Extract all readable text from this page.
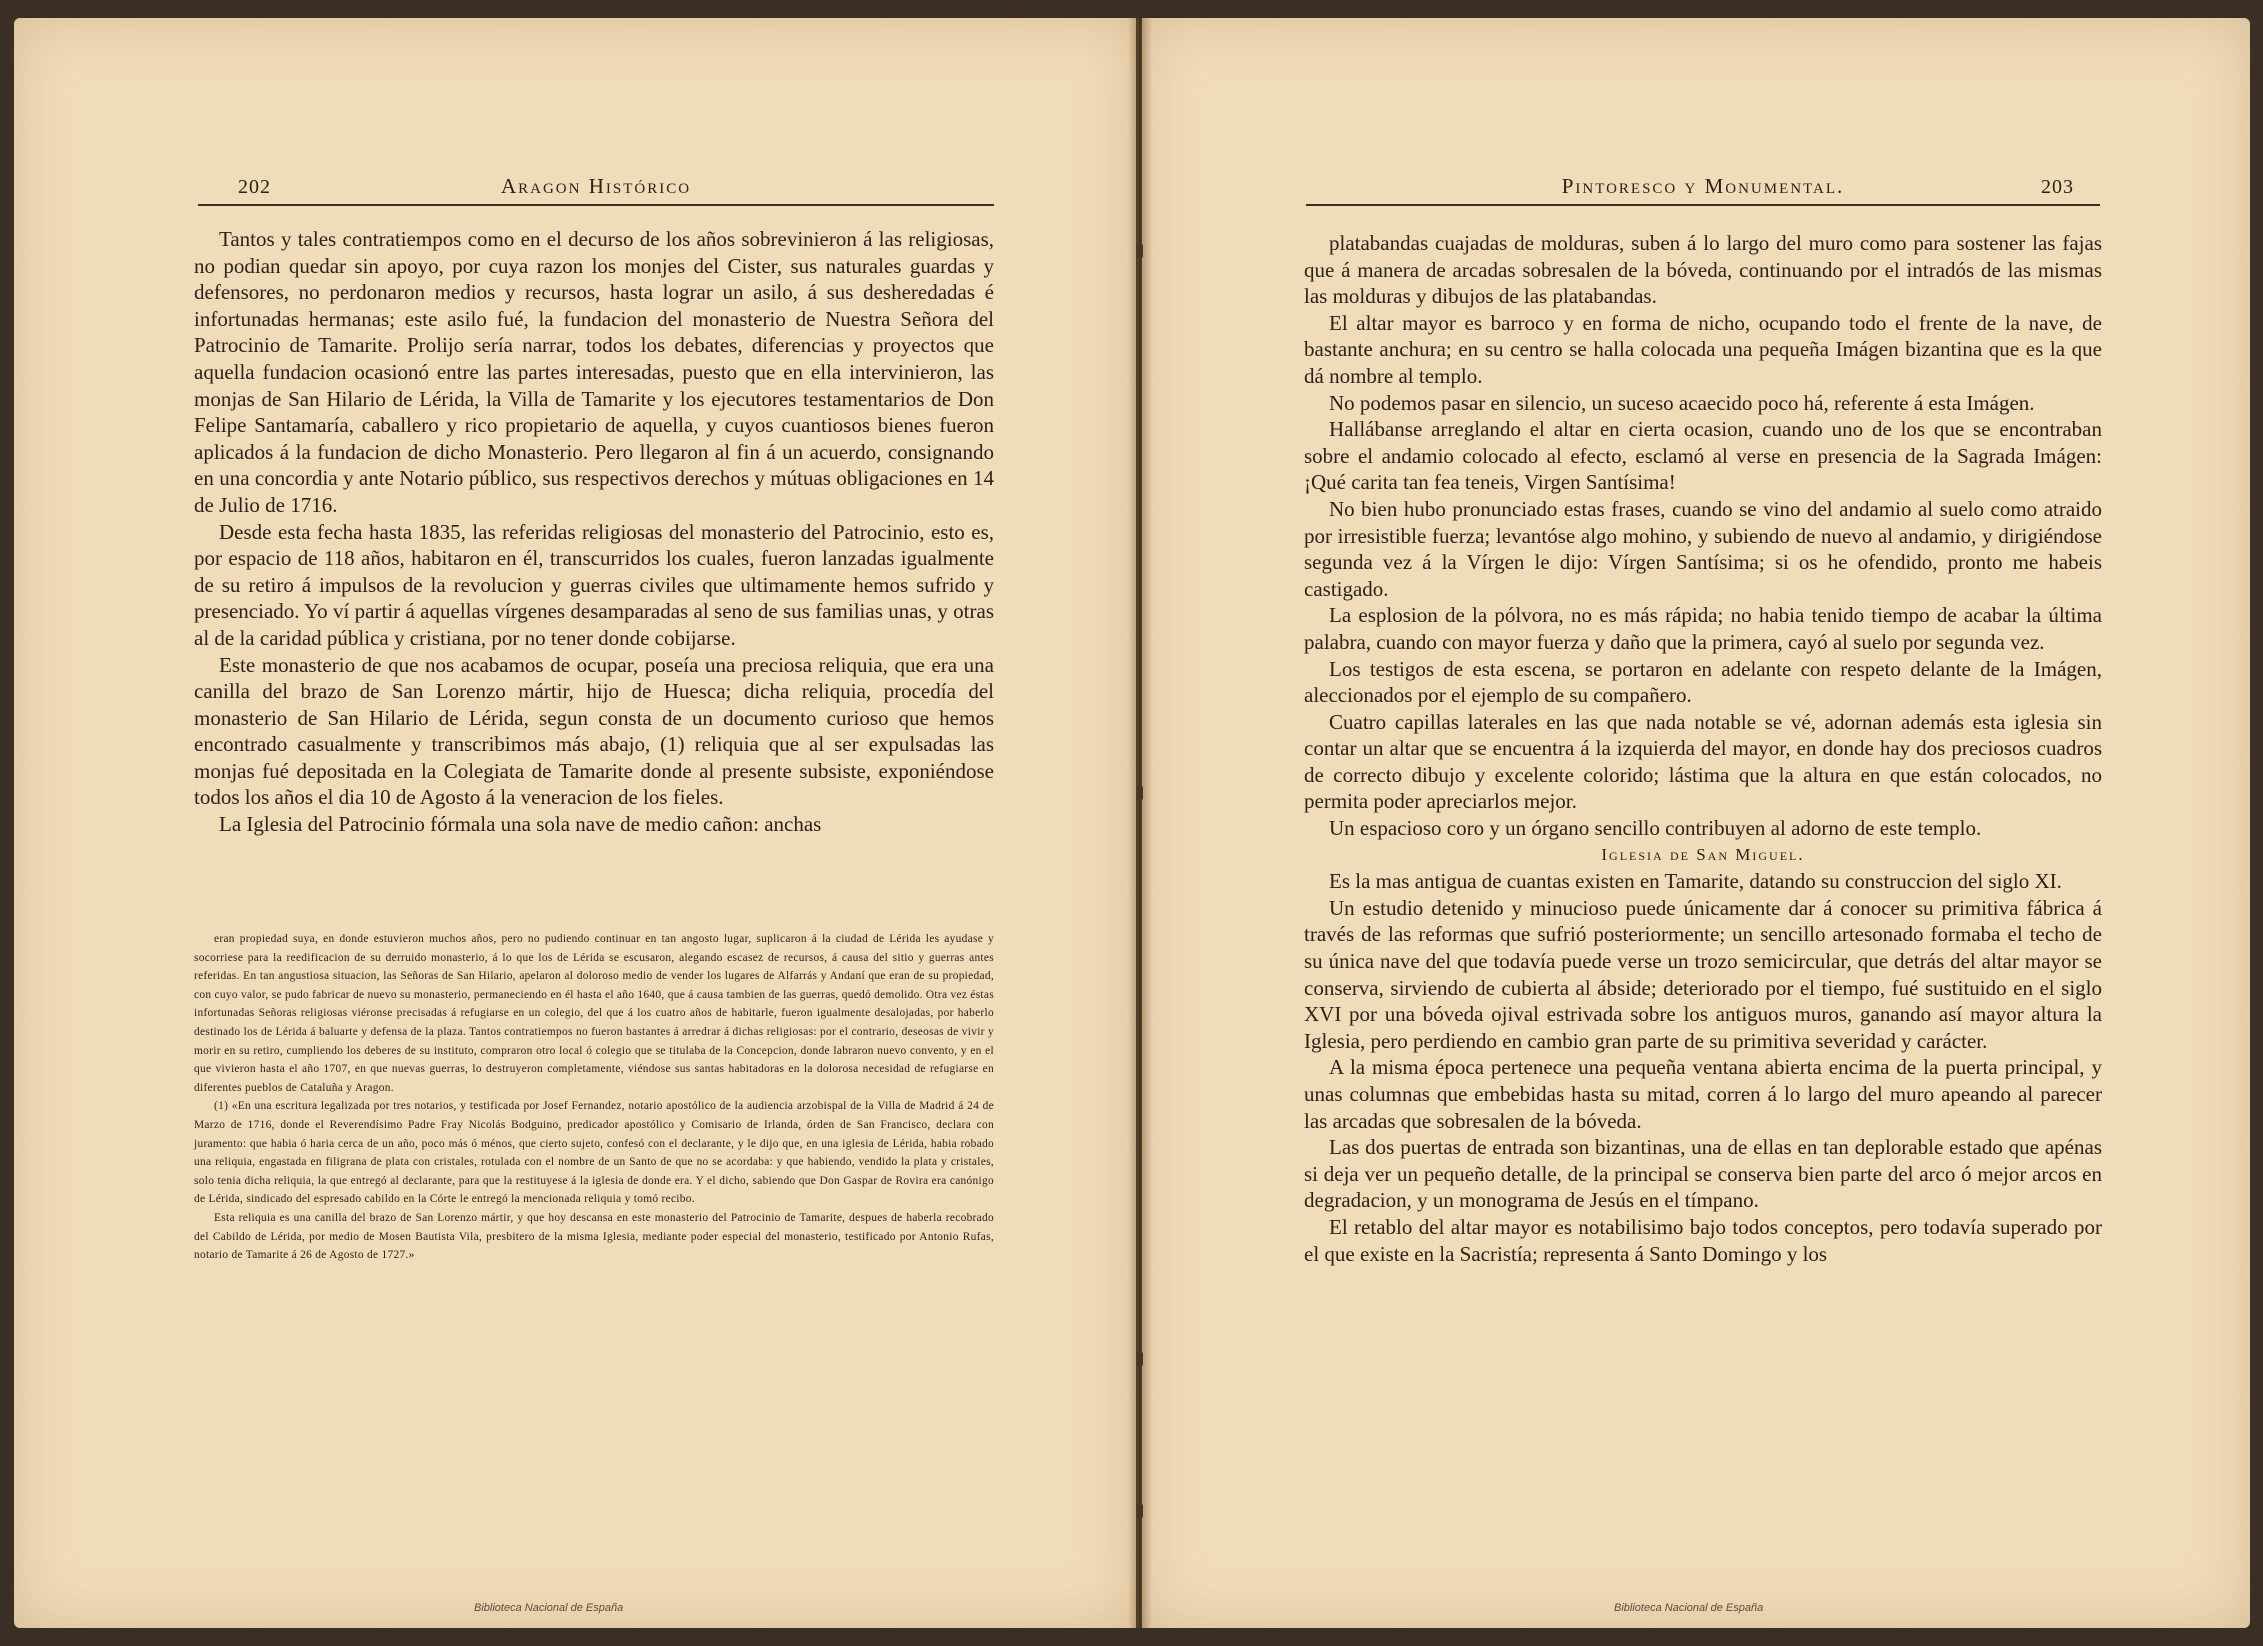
202	Aragon Histórico

Tantos y tales contratiempos como en el decurso de los años sobrevinieron á las religiosas, no podian quedar sin apoyo, por cuya razon los monjes del Cister, sus naturales guardas y defensores, no perdonaron medios y recursos, hasta lograr un asilo, á sus desheredadas é infortunadas hermanas; este asilo fué, la fundacion del monasterio de Nuestra Señora del Patrocinio de Tamarite. Prolijo sería narrar, todos los debates, diferencias y proyectos que aquella fundacion ocasionó entre las partes interesadas, puesto que en ella intervinieron, las monjas de San Hilario de Lérida, la Villa de Tamarite y los ejecutores testamentarios de Don Felipe Santamaría, caballero y rico propietario de aquella, y cuyos cuantiosos bienes fueron aplicados á la fundacion de dicho Monasterio. Pero llegaron al fin á un acuerdo, consignando en una concordia y ante Notario público, sus respectivos derechos y mútuas obligaciones en 14 de Julio de 1716.

Desde esta fecha hasta 1835, las referidas religiosas del monasterio del Patrocinio, esto es, por espacio de 118 años, habitaron en él, transcurridos los cuales, fueron lanzadas igualmente de su retiro á impulsos de la revolucion y guerras civiles que ultimamente hemos sufrido y presenciado. Yo ví partir á aquellas vírgenes desamparadas al seno de sus familias unas, y otras al de la caridad pública y cristiana, por no tener donde cobijarse.

Este monasterio de que nos acabamos de ocupar, poseía una preciosa reliquia, que era una canilla del brazo de San Lorenzo mártir, hijo de Huesca; dicha reliquia, procedía del monasterio de San Hilario de Lérida, segun consta de un documento curioso que hemos encontrado casualmente y transcribimos más abajo, (1) reliquia que al ser expulsadas las monjas fué depositada en la Colegiata de Tamarite donde al presente subsiste, exponiéndose todos los años el dia 10 de Agosto á la veneracion de los fieles.

La Iglesia del Patrocinio fórmala una sola nave de medio cañon: anchas

eran propiedad suya, en donde estuvieron muchos años, pero no pudiendo continuar en tan angosto lugar, suplicaron á la ciudad de Lérida les ayudase y socorriese para la reedificacion de su derruido monasterio, á lo que los de Lérida se escusaron, alegando escasez de recursos, á causa del sitio y guerras antes referidas. En tan angustiosa situacion, las Señoras de San Hilario, apelaron al doloroso medio de vender los lugares de Alfarrás y Andaní que eran de su propiedad, con cuyo valor, se pudo fabricar de nuevo su monasterio, permaneciendo en él hasta el año 1640, que á causa tambien de las guerras, quedó demolido. Otra vez éstas infortunadas Señoras religiosas viéronse precisadas á refugiarse en un colegio, del que á los cuatro años de habitarle, fueron igualmente desalojadas, por haberlo destinado los de Lérida á baluarte y defensa de la plaza. Tantos contratiempos no fueron bastantes á arredrar á dichas religiosas: por el contrario, deseosas de vivir y morir en su retiro, cumpliendo los deberes de su instituto, compraron otro local ó colegio que se titulaba de la Concepcion, donde labraron nuevo convento, y en el que vivieron hasta el año 1707, en que nuevas guerras, lo destruyeron completamente, viéndose sus santas habitadoras en la dolorosa necesidad de refugiarse en diferentes pueblos de Cataluña y Aragon.

(1) «En una escritura legalizada por tres notarios, y testificada por Josef Fernandez, notario apostólico de la audiencia arzobispal de la Villa de Madrid á 24 de Marzo de 1716, donde el Reverendísimo Padre Fray Nicolás Bodguino, predicador apostólico y Comisario de Irlanda, órden de San Francisco, declara con juramento: que habia ó haria cerca de un año, poco más ó ménos, que cierto sujeto, confesó con el declarante, y le dijo que, en una iglesia de Lérida, habia robado una reliquia, engastada en filigrana de plata con cristales, rotulada con el nombre de un Santo de que no se acordaba: y que habiendo, vendido la plata y cristales, solo tenia dicha reliquia, la que entregó al declarante, para que la restituyese á la iglesia de donde era. Y el dicho, sabiendo que Don Gaspar de Rovira era canónigo de Lérida, sindicado del espresado cabildo en la Córte le entregó la mencionada reliquia y tomó recibo.

Esta reliquia es una canilla del brazo de San Lorenzo mártir, y que hoy descansa en este monasterio del Patrocinio de Tamarite, despues de haberla recobrado del Cabildo de Lérida, por medio de Mosen Bautista Vila, presbitero de la misma Iglesia, mediante poder especial del monasterio, testificado por Antonio Rufas, notario de Tamarite á 26 de Agosto de 1727.»

Biblioteca Nacional de España
Pintoresco y Monumental.	203

platabandas cuajadas de molduras, suben á lo largo del muro como para sostener las fajas que á manera de arcadas sobresalen de la bóveda, continuando por el intradós de las mismas las molduras y dibujos de las platabandas.

El altar mayor es barroco y en forma de nicho, ocupando todo el frente de la nave, de bastante anchura; en su centro se halla colocada una pequeña Imágen bizantina que es la que dá nombre al templo.

No podemos pasar en silencio, un suceso acaecido poco há, referente á esta Imágen.

Hallábanse arreglando el altar en cierta ocasion, cuando uno de los que se encontraban sobre el andamio colocado al efecto, esclamó al verse en presencia de la Sagrada Imágen: ¡Qué carita tan fea teneis, Virgen Santísima!

No bien hubo pronunciado estas frases, cuando se vino del andamio al suelo como atraido por irresistible fuerza; levantóse algo mohino, y subiendo de nuevo al andamio, y dirigiéndose segunda vez á la Vírgen le dijo: Vírgen Santísima; si os he ofendido, pronto me habeis castigado.

La esplosion de la pólvora, no es más rápida; no habia tenido tiempo de acabar la última palabra, cuando con mayor fuerza y daño que la primera, cayó al suelo por segunda vez.

Los testigos de esta escena, se portaron en adelante con respeto delante de la Imágen, aleccionados por el ejemplo de su compañero.

Cuatro capillas laterales en las que nada notable se vé, adornan además esta iglesia sin contar un altar que se encuentra á la izquierda del mayor, en donde hay dos preciosos cuadros de correcto dibujo y excelente colorido; lástima que la altura en que están colocados, no permita poder apreciarlos mejor.

Un espacioso coro y un órgano sencillo contribuyen al adorno de este templo.

Iglesia de San Miguel.

Es la mas antigua de cuantas existen en Tamarite, datando su construccion del siglo XI.

Un estudio detenido y minucioso puede únicamente dar á conocer su primitiva fábrica á través de las reformas que sufrió posteriormente; un sencillo artesonado formaba el techo de su única nave del que todavía puede verse un trozo semicircular, que detrás del altar mayor se conserva, sirviendo de cubierta al ábside; deteriorado por el tiempo, fué sustituido en el siglo XVI por una bóveda ojival estrivada sobre los antiguos muros, ganando así mayor altura la Iglesia, pero perdiendo en cambio gran parte de su primitiva severidad y carácter.

A la misma época pertenece una pequeña ventana abierta encima de la puerta principal, y unas columnas que embebidas hasta su mitad, corren á lo largo del muro apeando al parecer las arcadas que sobresalen de la bóveda.

Las dos puertas de entrada son bizantinas, una de ellas en tan deplorable estado que apénas si deja ver un pequeño detalle, de la principal se conserva bien parte del arco ó mejor arcos en degradacion, y un monograma de Jesús en el tímpano.

El retablo del altar mayor es notabilisimo bajo todos conceptos, pero todavía superado por el que existe en la Sacristía; representa á Santo Domingo y los

Biblioteca Nacional de España
